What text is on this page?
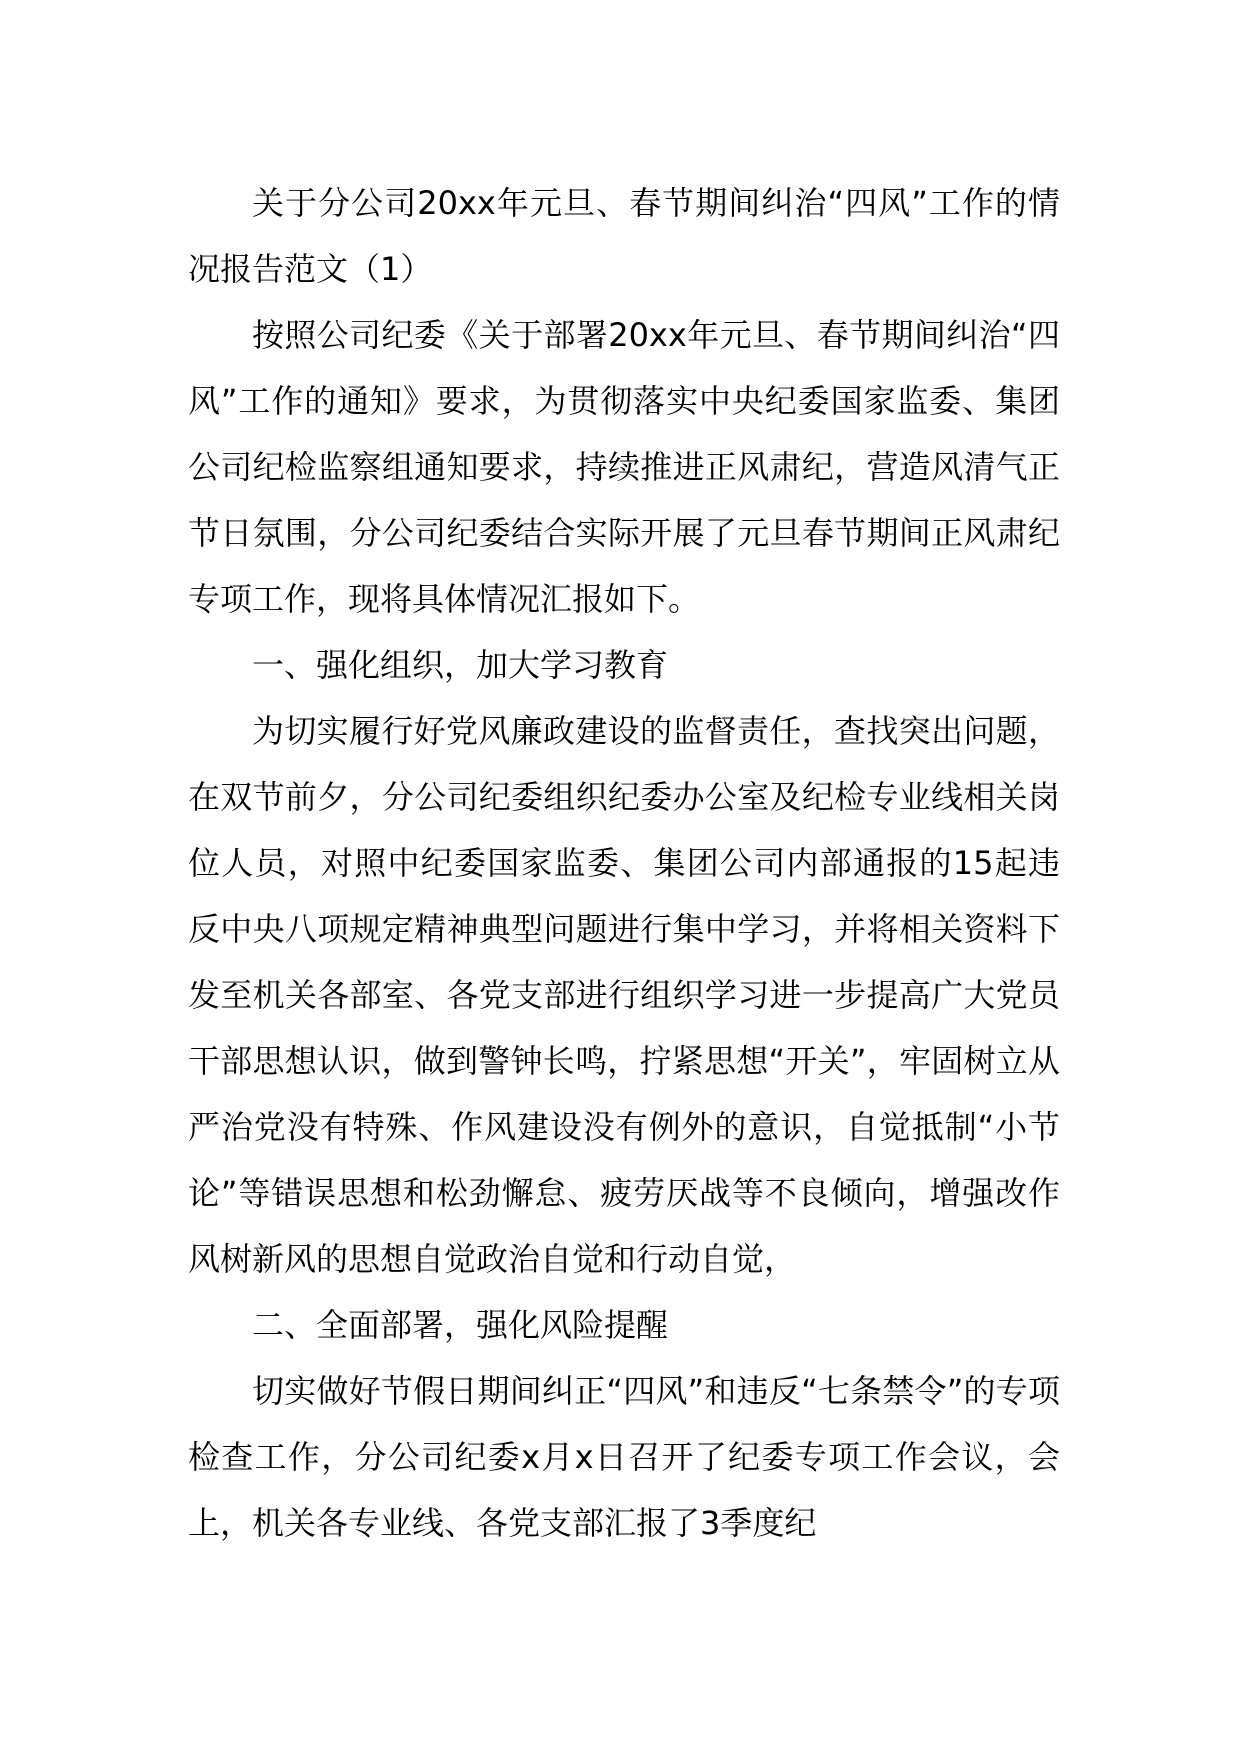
关于分公司20xx年元旦、春节期间纠治“四风”工作的情况报告范文（1）

按照公司纪委《关于部署20xx年元旦、春节期间纠治“四风”工作的通知》要求，为贯彻落实中央纪委国家监委、集团公司纪检监察组通知要求，持续推进正风肃纪，营造风清气正节日氛围，分公司纪委结合实际开展了元旦春节期间正风肃纪专项工作，现将具体情况汇报如下。

一、强化组织，加大学习教育

为切实履行好党风廉政建设的监督责任，查找突出问题，在双节前夕，分公司纪委组织纪委办公室及纪检专业线相关岗位人员，对照中纪委国家监委、集团公司内部通报的15起违反中央八项规定精神典型问题进行集中学习，并将相关资料下发至机关各部室、各党支部进行组织学习进一步提高广大党员干部思想认识，做到警钟长鸣，拧紧思想“开关”，牢固树立从严治党没有特殊、作风建设没有例外的意识，自觉抵制“小节论”等错误思想和松劲懈怠、疲劳厌战等不良倾向，增强改作风树新风的思想自觉政治自觉和行动自觉，

二、全面部署，强化风险提醒

切实做好节假日期间纠正“四风”和违反“七条禁令”的专项检查工作，分公司纪委x月x日召开了纪委专项工作会议，会上，机关各专业线、各党支部汇报了3季度纪
